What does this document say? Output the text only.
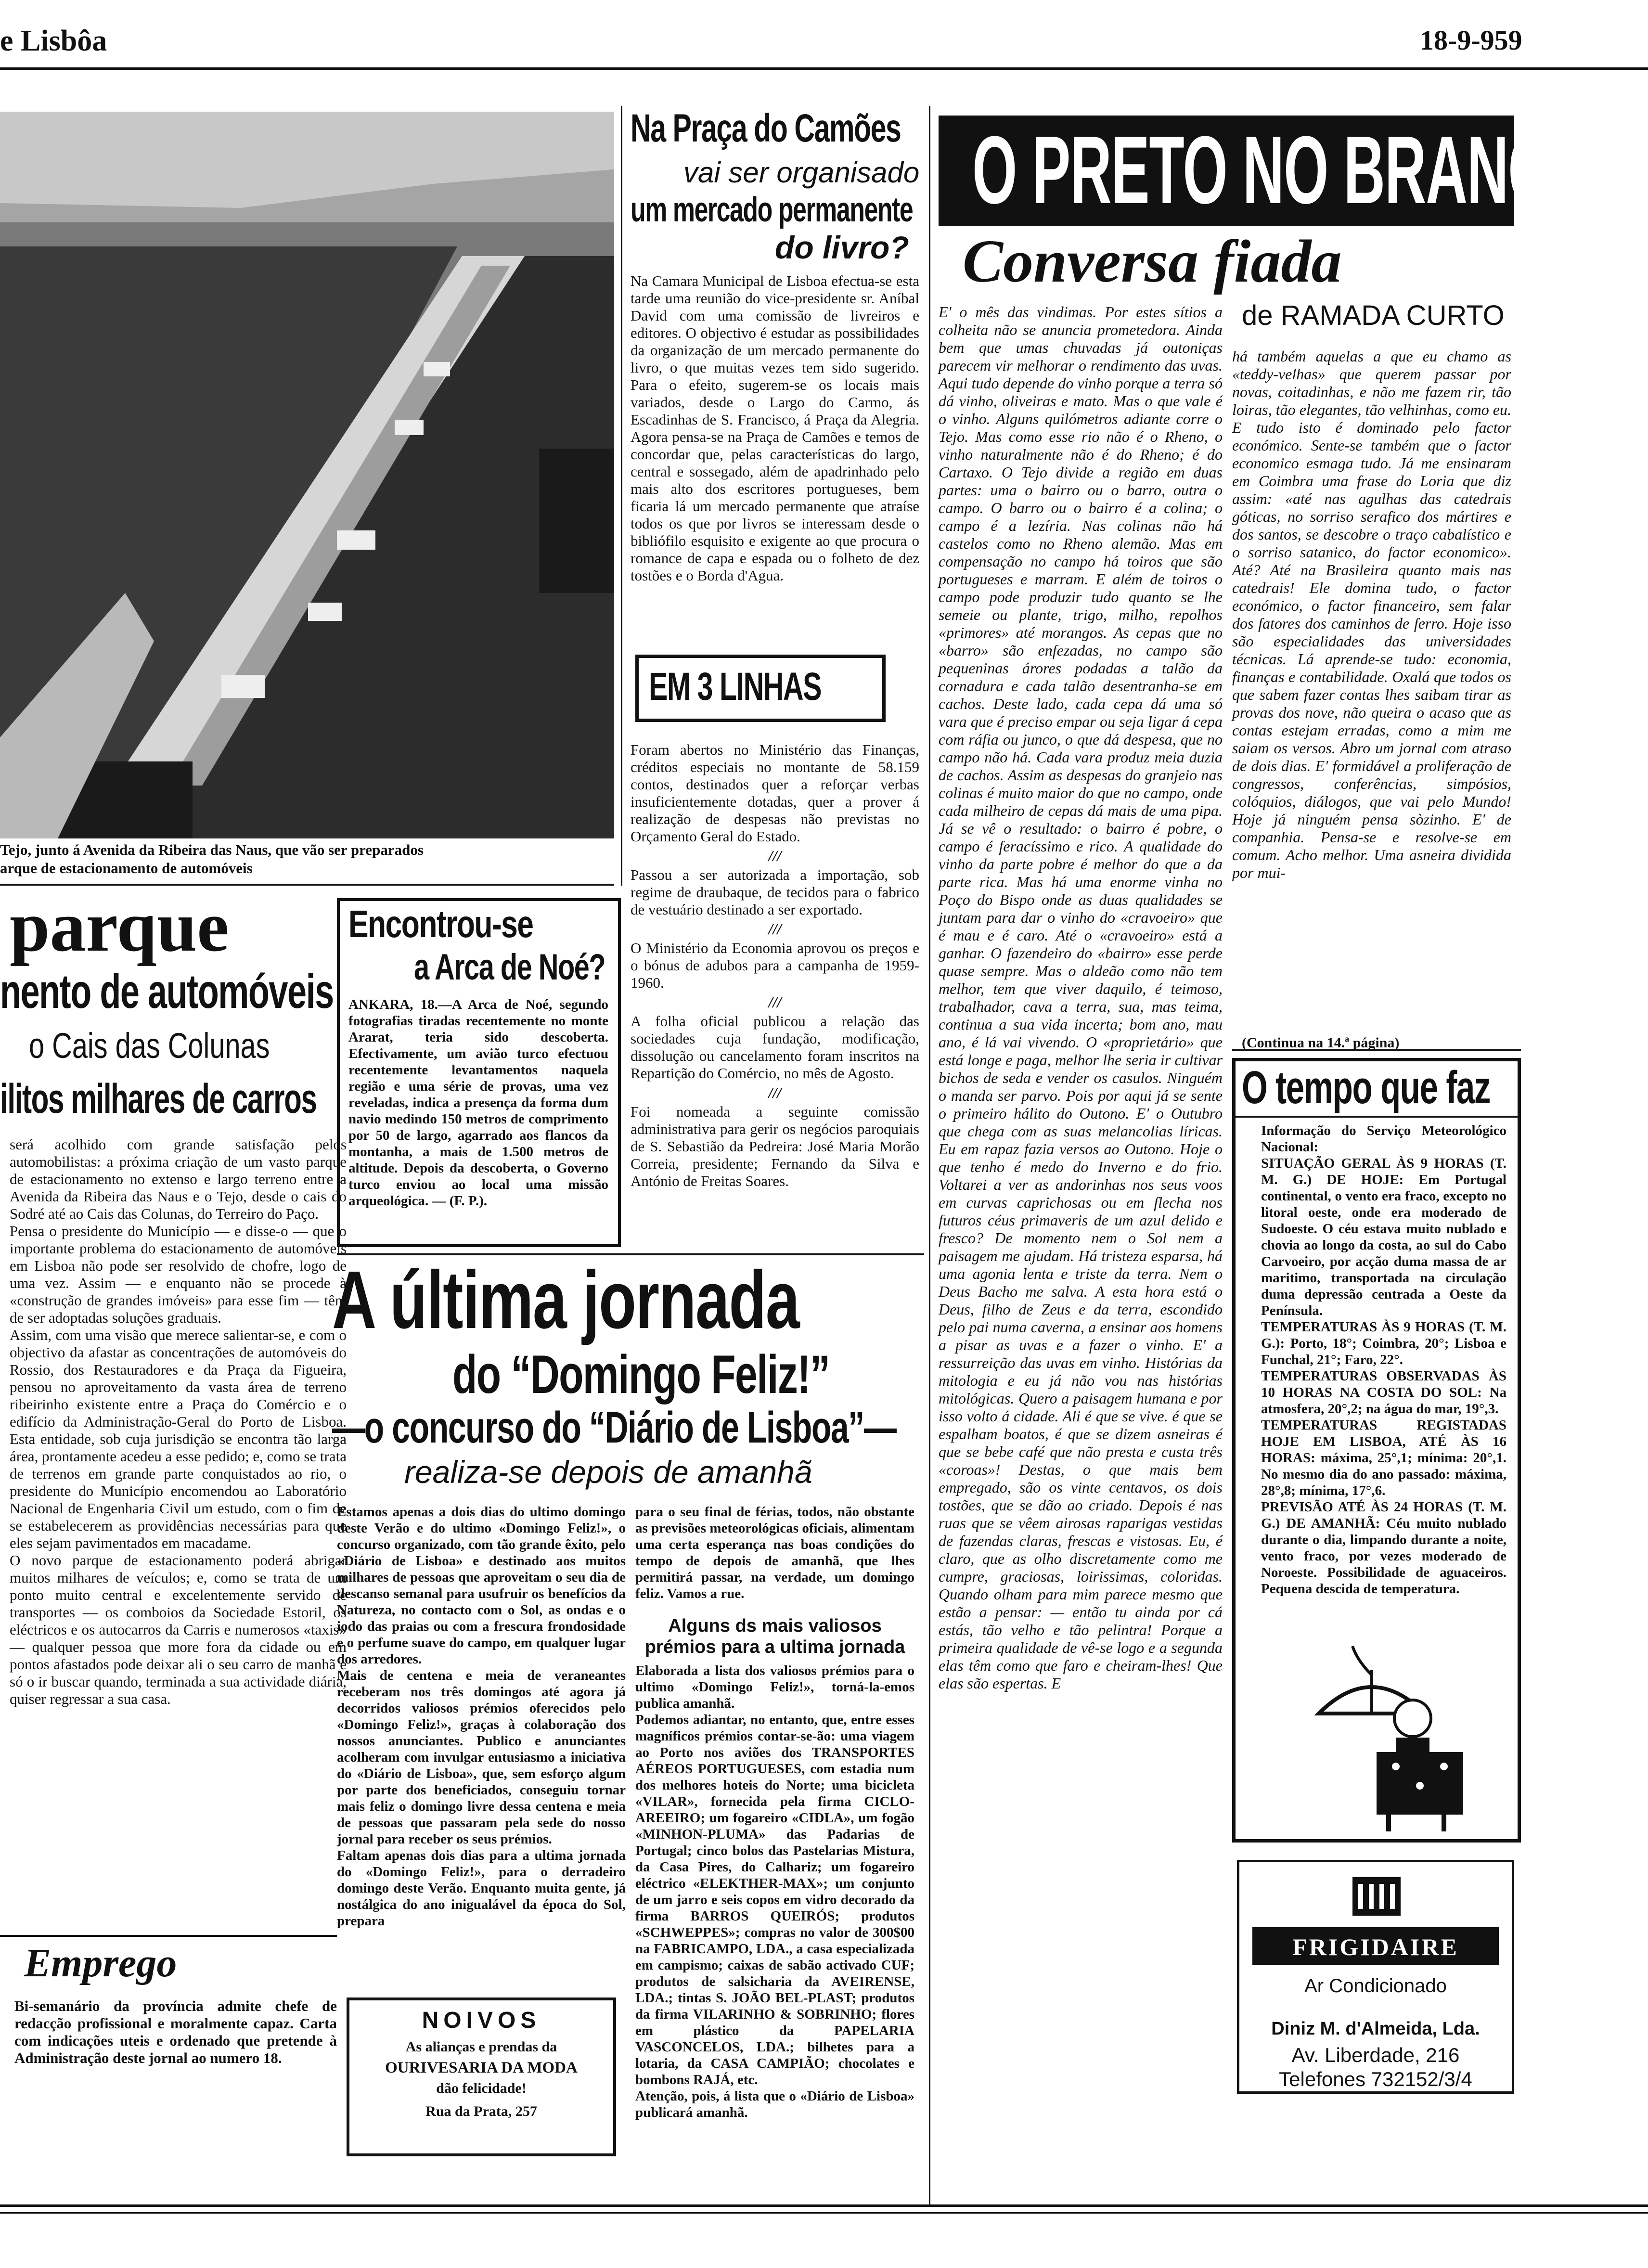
e Lisbôa	18-9-959
Tejo, junto á Avenida da Ribeira das Naus, que vão ser preparados
arque de estacionamento de automóveis
parque
nento de automóveis
o Cais das Colunas
ilitos milhares de carros
será acolhido com grande satisfação pelos automobilistas: a próxima criação de um vasto parque de estacionamento no extenso e largo terreno entre a Avenida da Ribeira das Naus e o Tejo, desde o cais do Sodré até ao Cais das Colunas, do Terreiro do Paço.
Pensa o presidente do Município — e disse-o — que o importante problema do estacionamento de automóveis em Lisboa não pode ser resolvido de chofre, logo de uma vez. Assim — e enquanto não se procede à «construção de grandes imóveis» para esse fim — têm de ser adoptadas soluções graduais.
Assim, com uma visão que merece salientar-se, e com o objectivo da afastar as concentrações de automóveis do Rossio, dos Restauradores e da Praça da Figueira, pensou no aproveitamento da vasta área de terreno ribeirinho existente entre a Praça do Comércio e o edifício da Administração-Geral do Porto de Lisboa. Esta entidade, sob cuja jurisdição se encontra tão larga área, prontamente acedeu a esse pedido; e, como se trata de terrenos em grande parte conquistados ao rio, o presidente do Município encomendou ao Laboratório Nacional de Engenharia Civil um estudo, com o fim de se estabelecerem as providências necessárias para que eles sejam pavimentados em macadame.
O novo parque de estacionamento poderá abrigar muitos milhares de veículos; e, como se trata de um ponto muito central e excelentemente servido de transportes — os comboios da Sociedade Estoril, os eléctricos e os autocarros da Carris e numerosos «taxis» — qualquer pessoa que more fora da cidade ou em pontos afastados pode deixar ali o seu carro de manhã e só o ir buscar quando, terminada a sua actividade diária, quiser regressar a sua casa.
Emprego
Bi-semanário da província admite chefe de redacção profissional e moralmente capaz. Carta com indicações uteis e ordenado que pretende à Administração deste jornal ao numero 18.
Encontrou-se
a Arca de Noé?
ANKARA, 18.—A Arca de Noé, segundo fotografias tiradas recentemente no monte Ararat, teria sido descoberta. Efectivamente, um avião turco efectuou recentemente levantamentos naquela região e uma série de provas, uma vez reveladas, indica a presença da forma dum navio medindo 150 metros de comprimento por 50 de largo, agarrado aos flancos da montanha, a mais de 1.500 metros de altitude. Depois da descoberta, o Governo turco enviou ao local uma missão arqueológica. — (F. P.).
Na Praça do Camões
vai ser organisado
um mercado permanente
do livro?
Na Camara Municipal de Lisboa efectua-se esta tarde uma reunião do vice-presidente sr. Aníbal David com uma comissão de livreiros e editores. O objectivo é estudar as possibilidades da organização de um mercado permanente do livro, o que muitas vezes tem sido sugerido. Para o efeito, sugerem-se os locais mais variados, desde o Largo do Carmo, ás Escadinhas de S. Francisco, á Praça da Alegria. Agora pensa-se na Praça de Camões e temos de concordar que, pelas características do largo, central e sossegado, além de apadrinhado pelo mais alto dos escritores portugueses, bem ficaria lá um mercado permanente que atraíse todos os que por livros se interessam desde o bibliófilo esquisito e exigente ao que procura o romance de capa e espada ou o folheto de dez tostões e o Borda d'Agua.
EM 3 LINHAS
Foram abertos no Ministério das Finanças, créditos especiais no montante de 58.159 contos, destinados quer a reforçar verbas insuficientemente dotadas, quer a prover á realização de despesas não previstas no Orçamento Geral do Estado.
///
Passou a ser autorizada a importação, sob regime de draubaque, de tecidos para o fabrico de vestuário destinado a ser exportado.
///
O Ministério da Economia aprovou os preços e o bónus de adubos para a campanha de 1959-1960.
///
A folha oficial publicou a relação das sociedades cuja fundação, modificação, dissolução ou cancelamento foram inscritos na Repartição do Comércio, no mês de Agosto.
///
Foi nomeada a seguinte comissão administrativa para gerir os negócios paroquiais de S. Sebastião da Pedreira: José Maria Morão Correia, presidente; Fernando da Silva e António de Freitas Soares.
A última jornada
do “Domingo Feliz!”
—o concurso do “Diário de Lisboa”—
realiza-se depois de amanhã
Estamos apenas a dois dias do ultimo domingo deste Verão e do ultimo «Domingo Feliz!», o concurso organizado, com tão grande êxito, pelo «Diário de Lisboa» e destinado aos muitos milhares de pessoas que aproveitam o seu dia de descanso semanal para usufruir os benefícios da Natureza, no contacto com o Sol, as ondas e o iodo das praias ou com a frescura frondosidade e o perfume suave do campo, em qualquer lugar dos arredores.
Mais de centena e meia de veraneantes receberam nos três domingos até agora já decorridos valiosos prémios oferecidos pelo «Domingo Feliz!», graças à colaboração dos nossos anunciantes. Publico e anunciantes acolheram com invulgar entusiasmo a iniciativa do «Diário de Lisboa», que, sem esforço algum por parte dos beneficiados, conseguiu tornar mais feliz o domingo livre dessa centena e meia de pessoas que passaram pela sede do nosso jornal para receber os seus prémios.
Faltam apenas dois dias para a ultima jornada do «Domingo Feliz!», para o derradeiro domingo deste Verão. Enquanto muita gente, já nostálgica do ano inigualável da época do Sol, prepara
para o seu final de férias, todos, não obstante as previsões meteorológicas oficiais, alimentam uma certa esperança nas boas condições do tempo de depois de amanhã, que lhes permitirá passar, na verdade, um domingo feliz. Vamos a rue.
Alguns ds mais valiosos prémios para a ultima jornada
Elaborada a lista dos valiosos prémios para o ultimo «Domingo Feliz!», torná-la-emos publica amanhã.
Podemos adiantar, no entanto, que, entre esses magníficos prémios contar-se-ão: uma viagem ao Porto nos aviões dos TRANSPORTES AÉREOS PORTUGUESES, com estadia num dos melhores hoteis do Norte; uma bicicleta «VILAR», fornecida pela firma CICLO-AREEIRO; um fogareiro «CIDLA», um fogão «MINHON-PLUMA» das Padarias de Portugal; cinco bolos das Pastelarias Mistura, da Casa Pires, do Calhariz; um fogareiro eléctrico «ELEKTHER-MAX»; um conjunto de um jarro e seis copos em vidro decorado da firma BARROS QUEIRÓS; produtos «SCHWEPPES»; compras no valor de 300$00 na FABRICAMPO, LDA., a casa especializada em campismo; caixas de sabão activado CUF; produtos de salsicharia da AVEIRENSE, LDA.; tintas S. JOÃO BEL-PLAST; produtos da firma VILARINHO & SOBRINHO; flores em plástico da PAPELARIA VASCONCELOS, LDA.; bilhetes para a lotaria, da CASA CAMPIÃO; chocolates e bombons RAJÁ, etc.
Atenção, pois, á lista que o «Diário de Lisboa» publicará amanhã.
NOIVOS
As alianças e prendas da
OURIVESARIA DA MODA
dão felicidade!
Rua da Prata, 257
O PRETO NO BRANCO
Conversa fiada
de RAMADA CURTO
E' o mês das vindimas. Por estes sítios a colheita não se anuncia prometedora. Ainda bem que umas chuvadas já outoniças parecem vir melhorar o rendimento das uvas. Aqui tudo depende do vinho porque a terra só dá vinho, oliveiras e mato. Mas o que vale é o vinho. Alguns quilómetros adiante corre o Tejo. Mas como esse rio não é o Rheno, o vinho naturalmente não é do Rheno; é do Cartaxo. O Tejo divide a região em duas partes: uma o bairro ou o barro, outra o campo. O barro ou o bairro é a colina; o campo é a lezíria. Nas colinas não há castelos como no Rheno alemão. Mas em compensação no campo há toiros que são portugueses e marram. E além de toiros o campo pode produzir tudo quanto se lhe semeie ou plante, trigo, milho, repolhos «primores» até morangos. As cepas que no «barro» são enfezadas, no campo são pequeninas árores podadas a talão da cornadura e cada talão desentranha-se em cachos. Deste lado, cada cepa dá uma só vara que é preciso empar ou seja ligar á cepa com ráfia ou junco, o que dá despesa, que no campo não há. Cada vara produz meia duzia de cachos. Assim as despesas do granjeio nas colinas é muito maior do que no campo, onde cada milheiro de cepas dá mais de uma pipa. Já se vê o resultado: o bairro é pobre, o campo é feracíssimo e rico. A qualidade do vinho da parte pobre é melhor do que a da parte rica. Mas há uma enorme vinha no Poço do Bispo onde as duas qualidades se juntam para dar o vinho do «cravoeiro» que é mau e é caro. Até o «cravoeiro» está a ganhar. O fazendeiro do «bairro» esse perde quase sempre. Mas o aldeão como não tem melhor, tem que viver daquilo, é teimoso, trabalhador, cava a terra, sua, mas teima, continua a sua vida incerta; bom ano, mau ano, é lá vai vivendo. O «proprietário» que está longe e paga, melhor lhe seria ir cultivar bichos de seda e vender os casulos. Ninguém o manda ser parvo. Pois por aqui já se sente o primeiro hálito do Outono. E' o Outubro que chega com as suas melancolias líricas. Eu em rapaz fazia versos ao Outono. Hoje o que tenho é medo do Inverno e do frio. Voltarei a ver as andorinhas nos seus voos em curvas caprichosas ou em flecha nos futuros céus primaveris de um azul delido e fresco? De momento nem o Sol nem a paisagem me ajudam. Há tristeza esparsa, há uma agonia lenta e triste da terra. Nem o Deus Bacho me salva. A esta hora está o Deus, filho de Zeus e da terra, escondido pelo pai numa caverna, a ensinar aos homens a pisar as uvas e a fazer o vinho. E' a ressurreição das uvas em vinho. Histórias da mitologia e eu já não vou nas histórias mitológicas. Quero a paisagem humana e por isso volto á cidade. Ali é que se vive. é que se espalham boatos, é que se dizem asneiras é que se bebe café que não presta e custa três «coroas»! Destas, o que mais bem empregado, são os vinte centavos, os dois tostões, que se dão ao criado. Depois é nas ruas que se vêem airosas raparigas vestidas de fazendas claras, frescas e vistosas. Eu, é claro, que as olho discretamente como me cumpre, graciosas, loirissimas, coloridas. Quando olham para mim parece mesmo que estão a pensar: — então tu ainda por cá estás, tão velho e tão pelintra! Porque a primeira qualidade de vê-se logo e a segunda elas têm como que faro e cheiram-lhes! Que elas são espertas. E
há também aquelas a que eu chamo as «teddy-velhas» que querem passar por novas, coitadinhas, e não me fazem rir, tão loiras, tão elegantes, tão velhinhas, como eu. E tudo isto é dominado pelo factor económico. Sente-se também que o factor economico esmaga tudo. Já me ensinaram em Coimbra uma frase do Loria que diz assim: «até nas agulhas das catedrais góticas, no sorriso serafico dos mártires e dos santos, se descobre o traço cabalístico e o sorriso satanico, do factor economico». Até? Até na Brasileira quanto mais nas catedrais! Ele domina tudo, o factor económico, o factor financeiro, sem falar dos fatores dos caminhos de ferro. Hoje isso são especialidades das universidades técnicas. Lá aprende-se tudo: economia, finanças e contabilidade. Oxalá que todos os que sabem fazer contas lhes saibam tirar as provas dos nove, não queira o acaso que as contas estejam erradas, como a mim me saiam os versos. Abro um jornal com atraso de dois dias. E' formidável a proliferação de congressos, conferências, simpósios, colóquios, diálogos, que vai pelo Mundo! Hoje já ninguém pensa sòzinho. E' de companhia. Pensa-se e resolve-se em comum. Acho melhor. Uma asneira dividida por mui-
(Continua na 14.ª página)
O tempo que faz
Informação do Serviço Meteorológico Nacional:
SITUAÇÃO GERAL ÀS 9 HORAS (T. M. G.) DE HOJE: Em Portugal continental, o vento era fraco, excepto no litoral oeste, onde era moderado de Sudoeste. O céu estava muito nublado e chovia ao longo da costa, ao sul do Cabo Carvoeiro, por acção duma massa de ar maritimo, transportada na circulação duma depressão centrada a Oeste da Península.
TEMPERATURAS ÀS 9 HORAS (T. M. G.): Porto, 18°; Coimbra, 20°; Lisboa e Funchal, 21°; Faro, 22°.
TEMPERATURAS OBSERVADAS ÀS 10 HORAS NA COSTA DO SOL: Na atmosfera, 20°,2; na água do mar, 19°,3.
TEMPERATURAS REGISTADAS HOJE EM LISBOA, ATÉ ÀS 16 HORAS: máxima, 25°,1; mínima: 20°,1. No mesmo dia do ano passado: máxima, 28°,8; mínima, 17°,6.
PREVISÃO ATÉ ÀS 24 HORAS (T. M. G.) DE AMANHÃ: Céu muito nublado durante o dia, limpando durante a noite, vento fraco, por vezes moderado de Noroeste. Possibilidade de aguaceiros. Pequena descida de temperatura.
FRIGIDAIRE
Ar Condicionado
Diniz M. d'Almeida, Lda.
Av. Liberdade, 216
Telefones 732152/3/4
